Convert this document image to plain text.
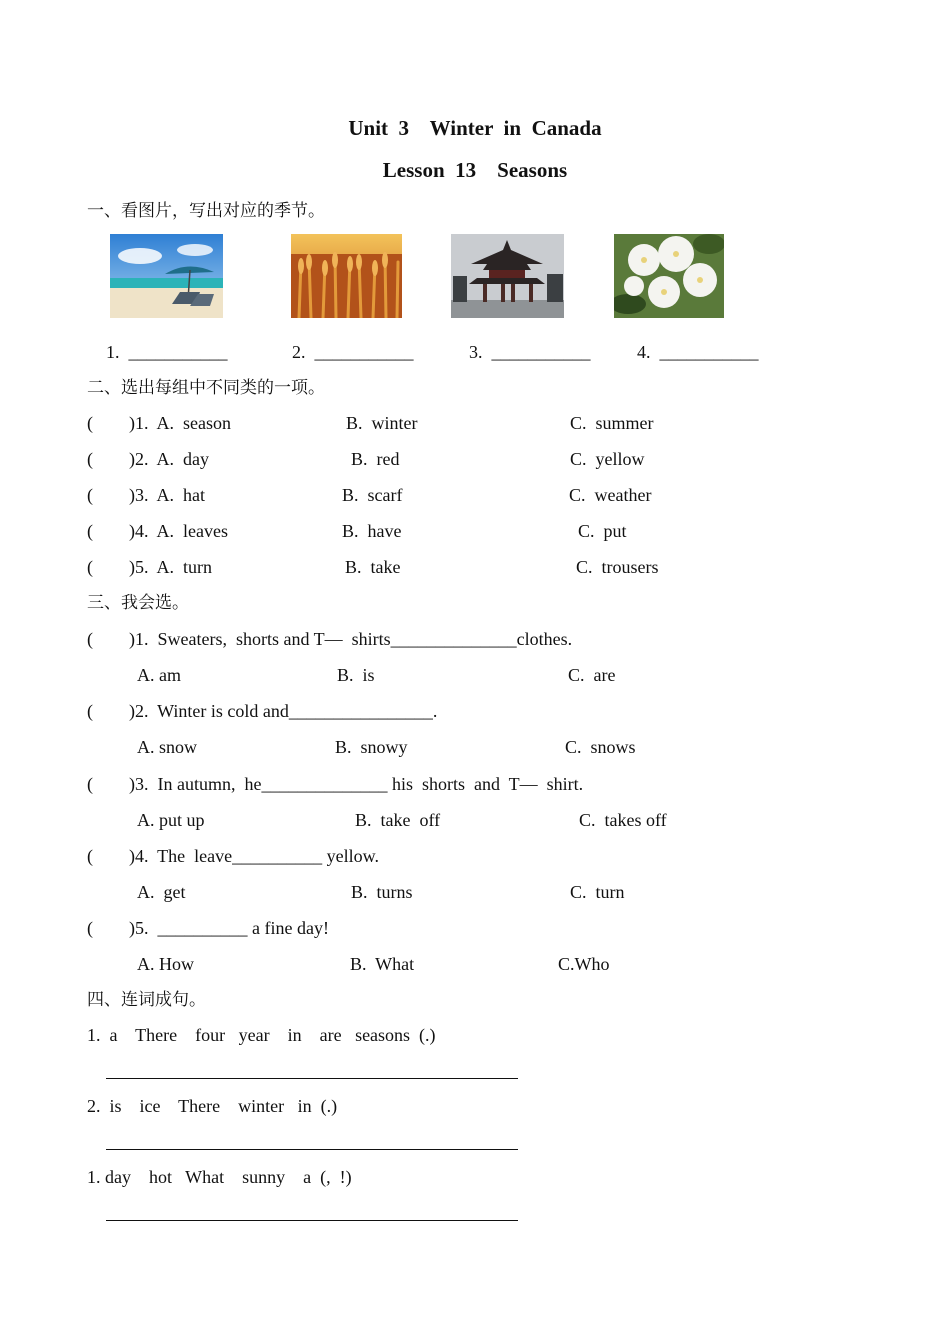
Unit  3    Winter  in  Canada
Lesson  13    Seasons
一、看图片，写出对应的季节。
1.  ___________	2.  ___________	3.  ___________	4.  ___________
二、选出每组中不同类的一项。
(        )1.  A.  season	B.  winter	C.  summer
(        )2.  A.  day	B.  red	C.  yellow
(        )3.  A.  hat	B.  scarf	C.  weather
(        )4.  A.  leaves	B.  have	C.  put
(        )5.  A.  turn	B.  take	C.  trousers
三、我会选。
(        )1.  Sweaters,  shorts and T—  shirts______________clothes.
A. am	B.  is	C.  are
(        )2.  Winter is cold and________________.
A. snow	B.  snowy	C.  snows
(        )3.  In autumn,  he______________ his  shorts  and  T—  shirt.
A. put up	B.  take  off	C.  takes off
(        )4.  The  leave__________ yellow.
A.  get	B.  turns	C.  turn
(        )5.  __________ a fine day!
A. How	B.  What	C.Who
四、连词成句。
1.  a    There    four   year    in    are   seasons  (.)
2.  is    ice    There    winter   in  (.)
1. day    hot   What    sunny    a  (,  !)
